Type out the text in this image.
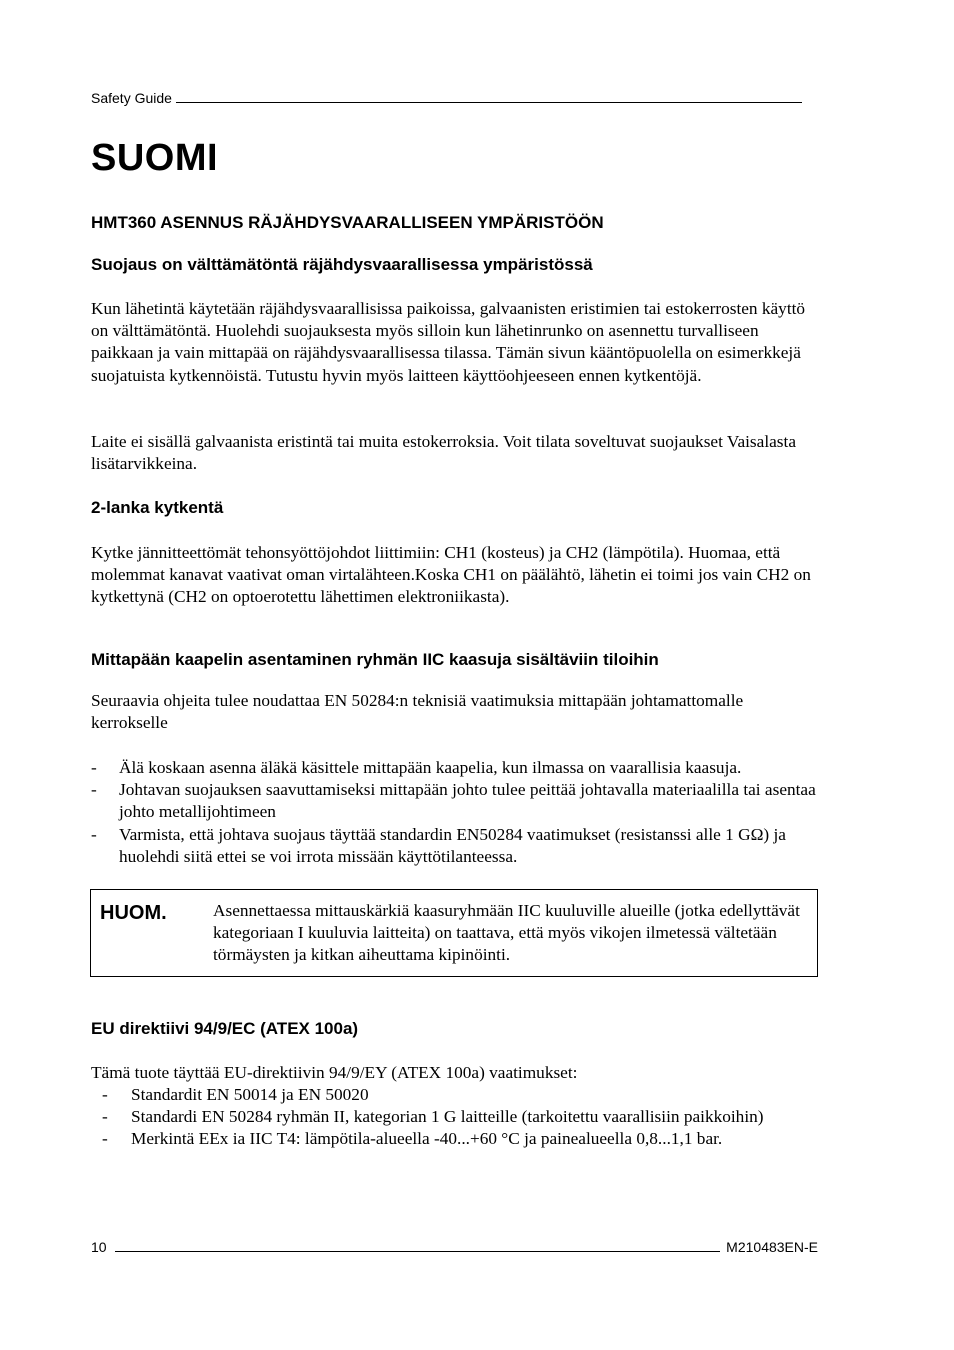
Safety Guide
SUOMI
HMT360 ASENNUS RÄJÄHDYSVAARALLISEEN YMPÄRISTÖÖN
Suojaus on välttämätöntä räjähdysvaarallisessa ympäristössä

Kun lähetintä käytetään räjähdysvaarallisissa paikoissa, galvaanisten eristimien tai estokerrosten käyttö on välttämätöntä. Huolehdi suojauksesta myös silloin kun lähetinrunko on asennettu turvalliseen paikkaan ja vain mittapää on räjähdysvaarallisessa tilassa. Tämän sivun kääntöpuolella on esimerkkejä suojatuista kytkennöistä. Tutustu hyvin myös laitteen käyttöohjeeseen ennen kytkentöjä.

Laite ei sisällä galvaanista eristintä tai muita estokerroksia. Voit tilata soveltuvat suojaukset Vaisalasta lisätarvikkeina.

2-lanka kytkentä

Kytke jännitteettömät tehonsyöttöjohdot liittimiin: CH1 (kosteus) ja CH2 (lämpötila). Huomaa, että molemmat kanavat vaativat oman virtalähteen.Koska CH1 on päälähtö, lähetin ei toimi jos vain CH2 on kytkettynä (CH2 on optoerotettu lähettimen elektroniikasta).

Mittapään kaapelin asentaminen ryhmän IIC kaasuja sisältäviin tiloihin

Seuraavia ohjeita tulee noudattaa EN 50284:n teknisiä vaatimuksia mittapään johtamattomalle kerrokselle

- Älä koskaan asenna äläkä käsittele mittapään kaapelia, kun ilmassa on vaarallisia kaasuja.
- Johtavan suojauksen saavuttamiseksi mittapään johto tulee peittää johtavalla materiaalilla tai asentaa johto metallijohtimeen
- Varmista, että johtava suojaus täyttää standardin EN50284 vaatimukset (resistanssi alle 1 GΩ) ja huolehdi siitä ettei se voi irrota missään käyttötilanteessa.
HUOM.	Asennettaessa mittauskärkiä kaasuryhmään IIC kuuluville alueille (jotka edellyttävät kategoriaan I kuuluvia laitteita) on taattava, että myös vikojen ilmetessä vältetään törmäysten ja kitkan aiheuttama kipinöinti.

EU direktiivi 94/9/EC (ATEX 100a)

Tämä tuote täyttää EU-direktiivin 94/9/EY (ATEX 100a) vaatimukset:

- Standardit EN 50014 ja EN 50020
- Standardi EN 50284 ryhmän II, kategorian 1 G laitteille (tarkoitettu vaarallisiin paikkoihin)
- Merkintä EEx ia IIC T4: lämpötila-alueella -40...+60 °C ja painealueella 0,8...1,1 bar.
10	M210483EN-E
